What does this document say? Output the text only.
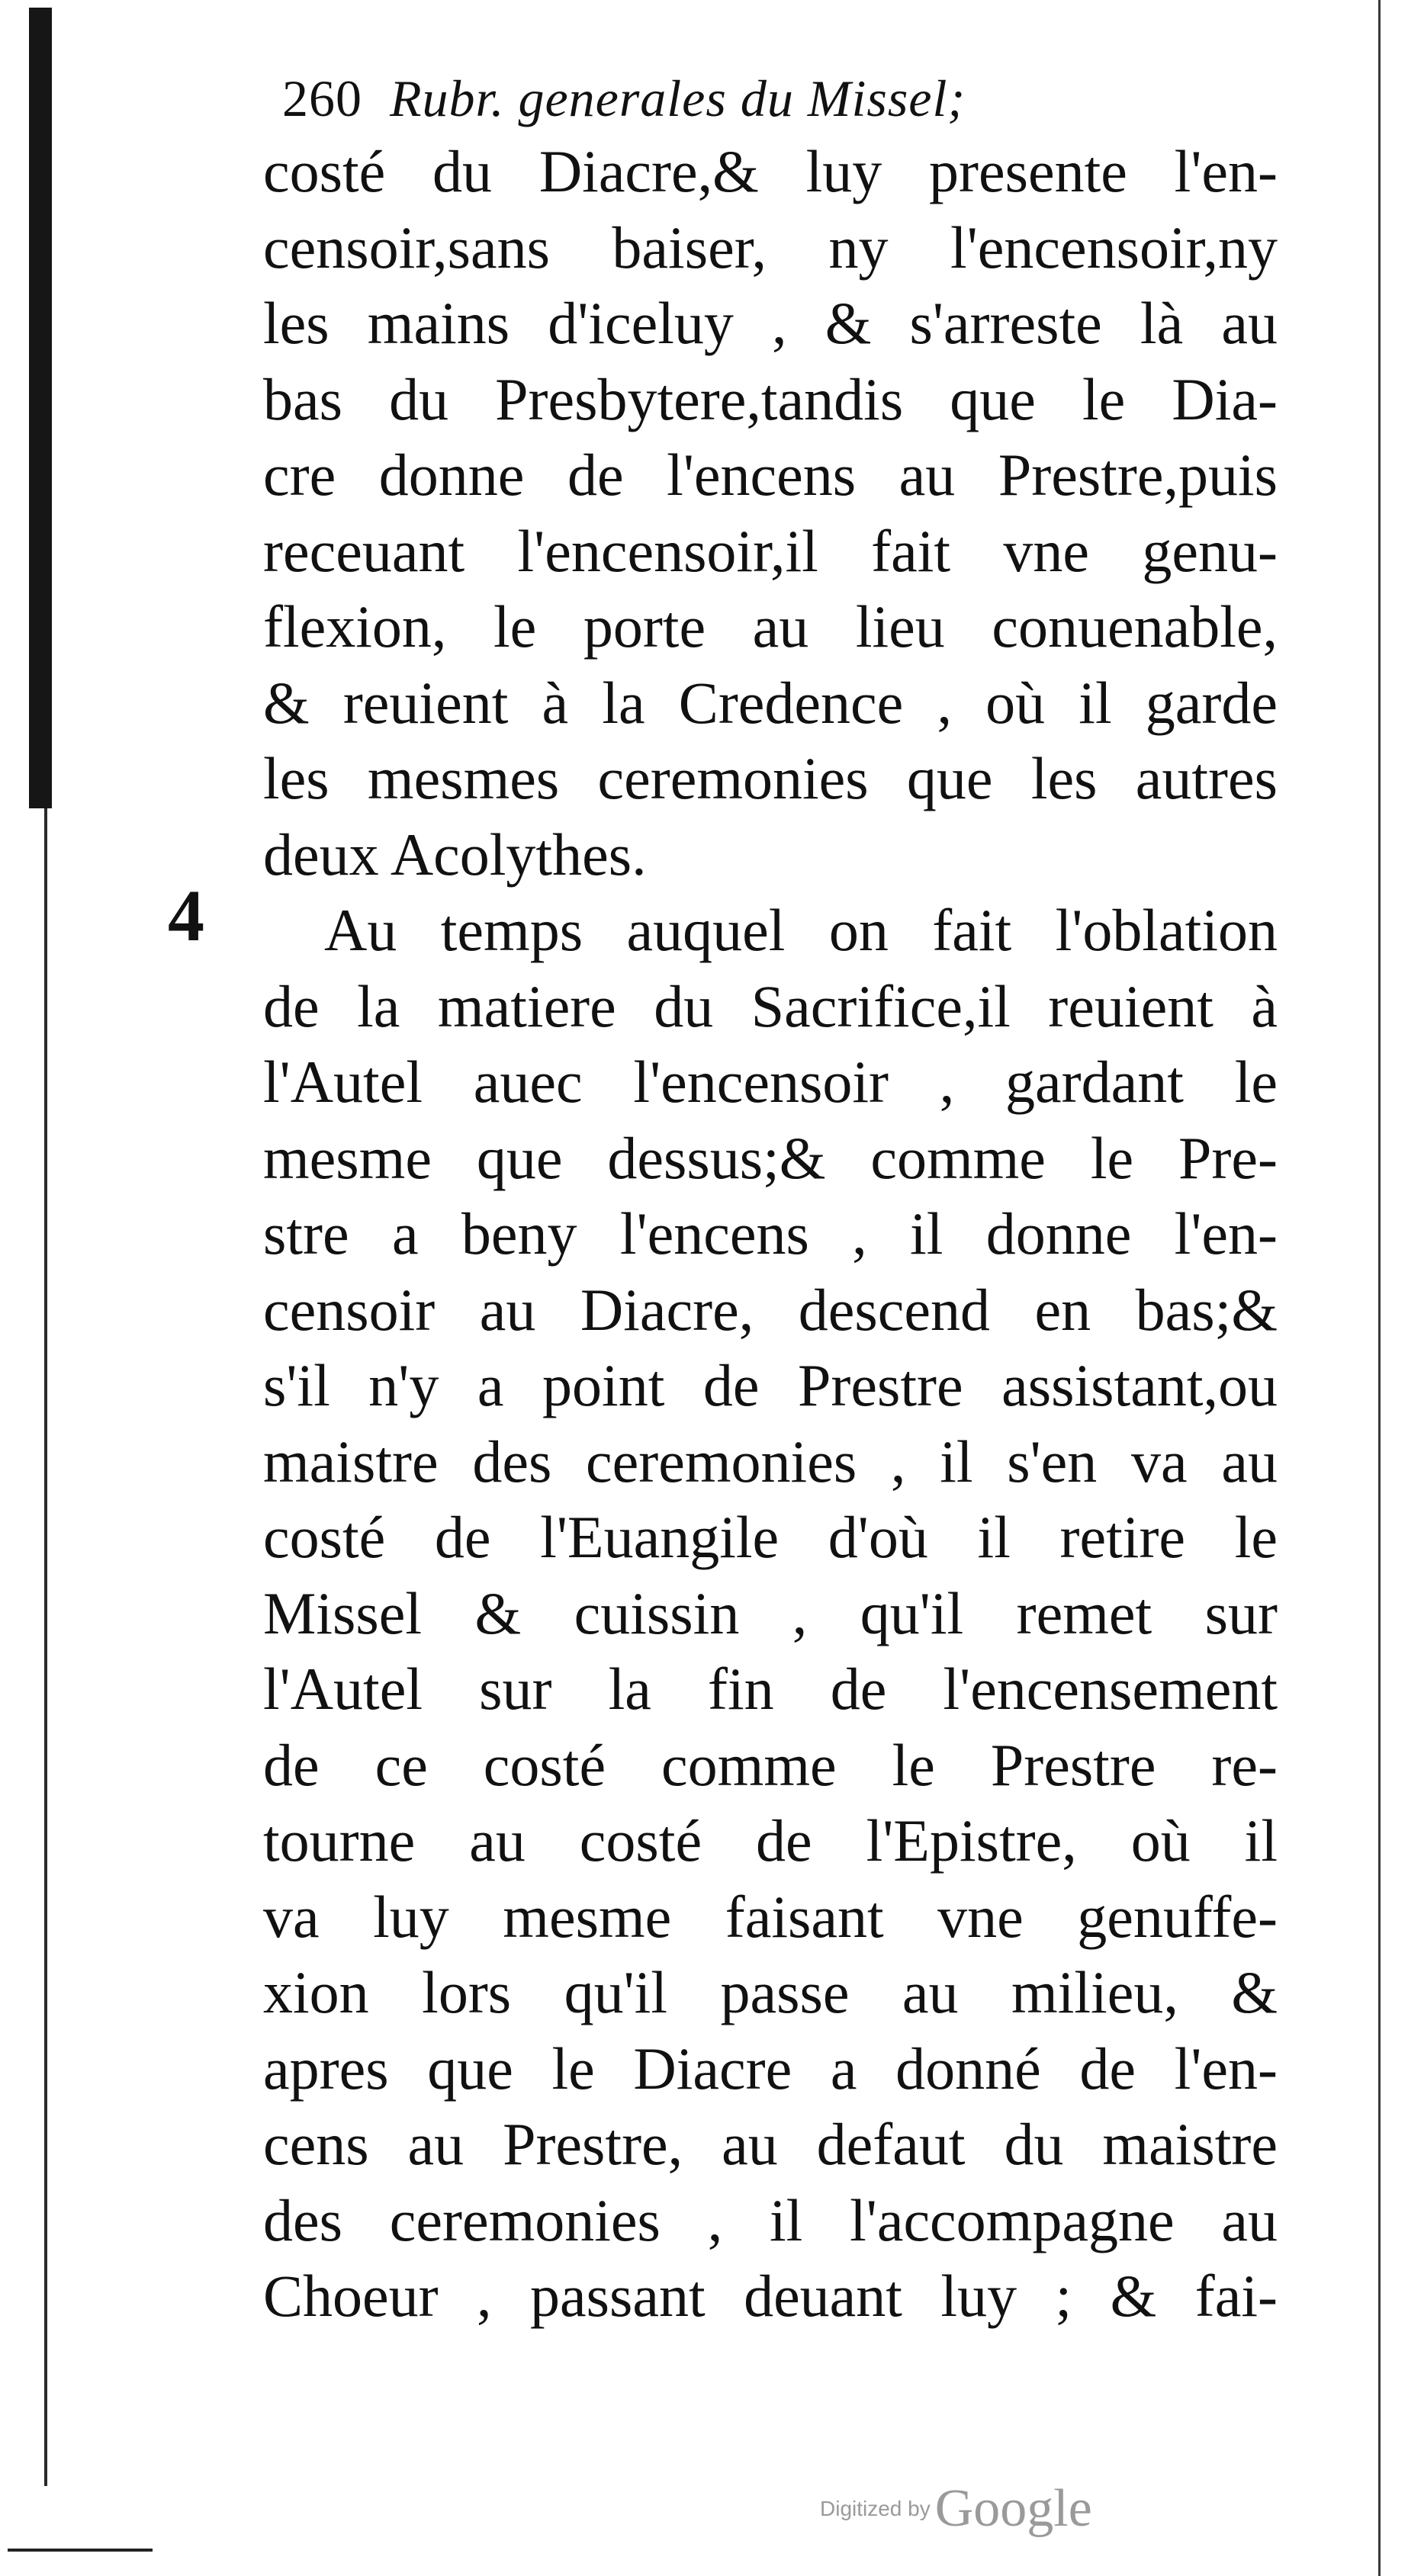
260 Rubr. generales du Missel;
4
costé du Diacre,& luy presente l'en-
censoir,sans baiser, ny l'encensoir,ny
les mains d'iceluy , & s'arreste là au
bas du Presbytere,tandis que le Dia-
cre donne de l'encens au Prestre,puis
receuant l'encensoir,il fait vne genu-
flexion, le porte au lieu conuenable,
& reuient à la Credence , où il garde
les mesmes ceremonies que les autres
deux Acolythes.
Au temps auquel on fait l'oblation
de la matiere du Sacrifice,il reuient à
l'Autel auec l'encensoir , gardant le
mesme que dessus;& comme le Pre-
stre a beny l'encens , il donne l'en-
censoir au Diacre, descend en bas;&
s'il n'y a point de Prestre assistant,ou
maistre des ceremonies , il s'en va au
costé de l'Euangile d'où il retire le
Missel & cuissin , qu'il remet sur
l'Autel sur la fin de l'encensement
de ce costé comme le Prestre re-
tourne au costé de l'Epistre, où il
va luy mesme faisant vne genuffe-
xion lors qu'il passe au milieu, &
apres que le Diacre a donné de l'en-
cens au Prestre, au defaut du maistre
des ceremonies , il l'accompagne au
Choeur , passant deuant luy ; & fai-
Digitized byGoogle
